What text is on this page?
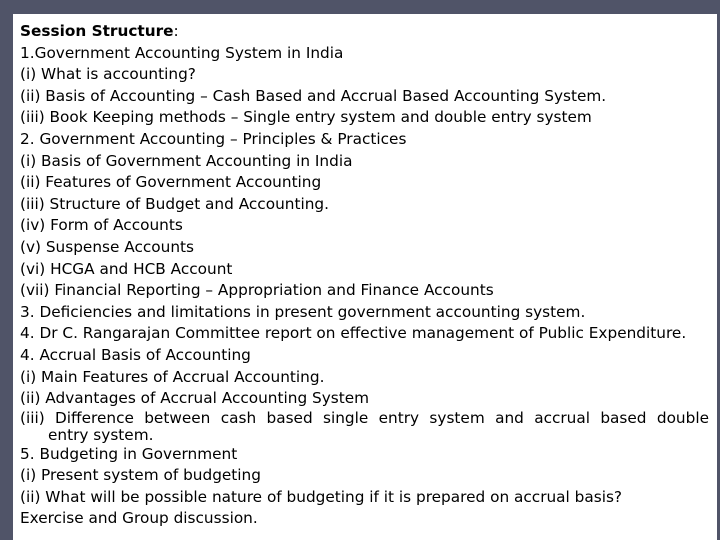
Session Structure:
1.Government Accounting System in India
(i) What is accounting?
(ii) Basis of Accounting – Cash Based and Accrual Based Accounting System.
(iii) Book Keeping methods – Single entry system and double entry system
2. Government Accounting – Principles & Practices
(i) Basis of Government Accounting in India
(ii) Features of Government Accounting
(iii) Structure of Budget and Accounting.
(iv) Form of Accounts
(v) Suspense Accounts
(vi) HCGA and HCB Account
(vii) Financial Reporting – Appropriation and Finance Accounts
3. Deficiencies and limitations in present government accounting system.
4. Dr C. Rangarajan Committee report on effective management of Public Expenditure.
4. Accrual Basis of Accounting
(i) Main Features of Accrual Accounting.
(ii) Advantages of Accrual Accounting System
(iii) Difference between cash based single entry system and accrual based double
entry system.
5. Budgeting in Government
(i) Present system of budgeting
(ii) What will be possible nature of budgeting if it is prepared on accrual basis?
Exercise and Group discussion.
